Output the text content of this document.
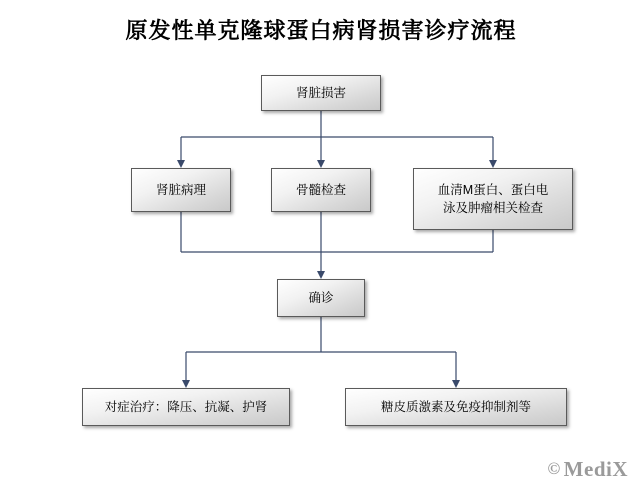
原发性单克隆球蛋白病肾损害诊疗流程
肾脏损害
肾脏病理	骨髓检查	血清M蛋白、蛋白电
泳及肿瘤相关检查
确诊
对症治疗：降压、抗凝、护肾	糖皮质激素及免疫抑制剂等
© MediX
